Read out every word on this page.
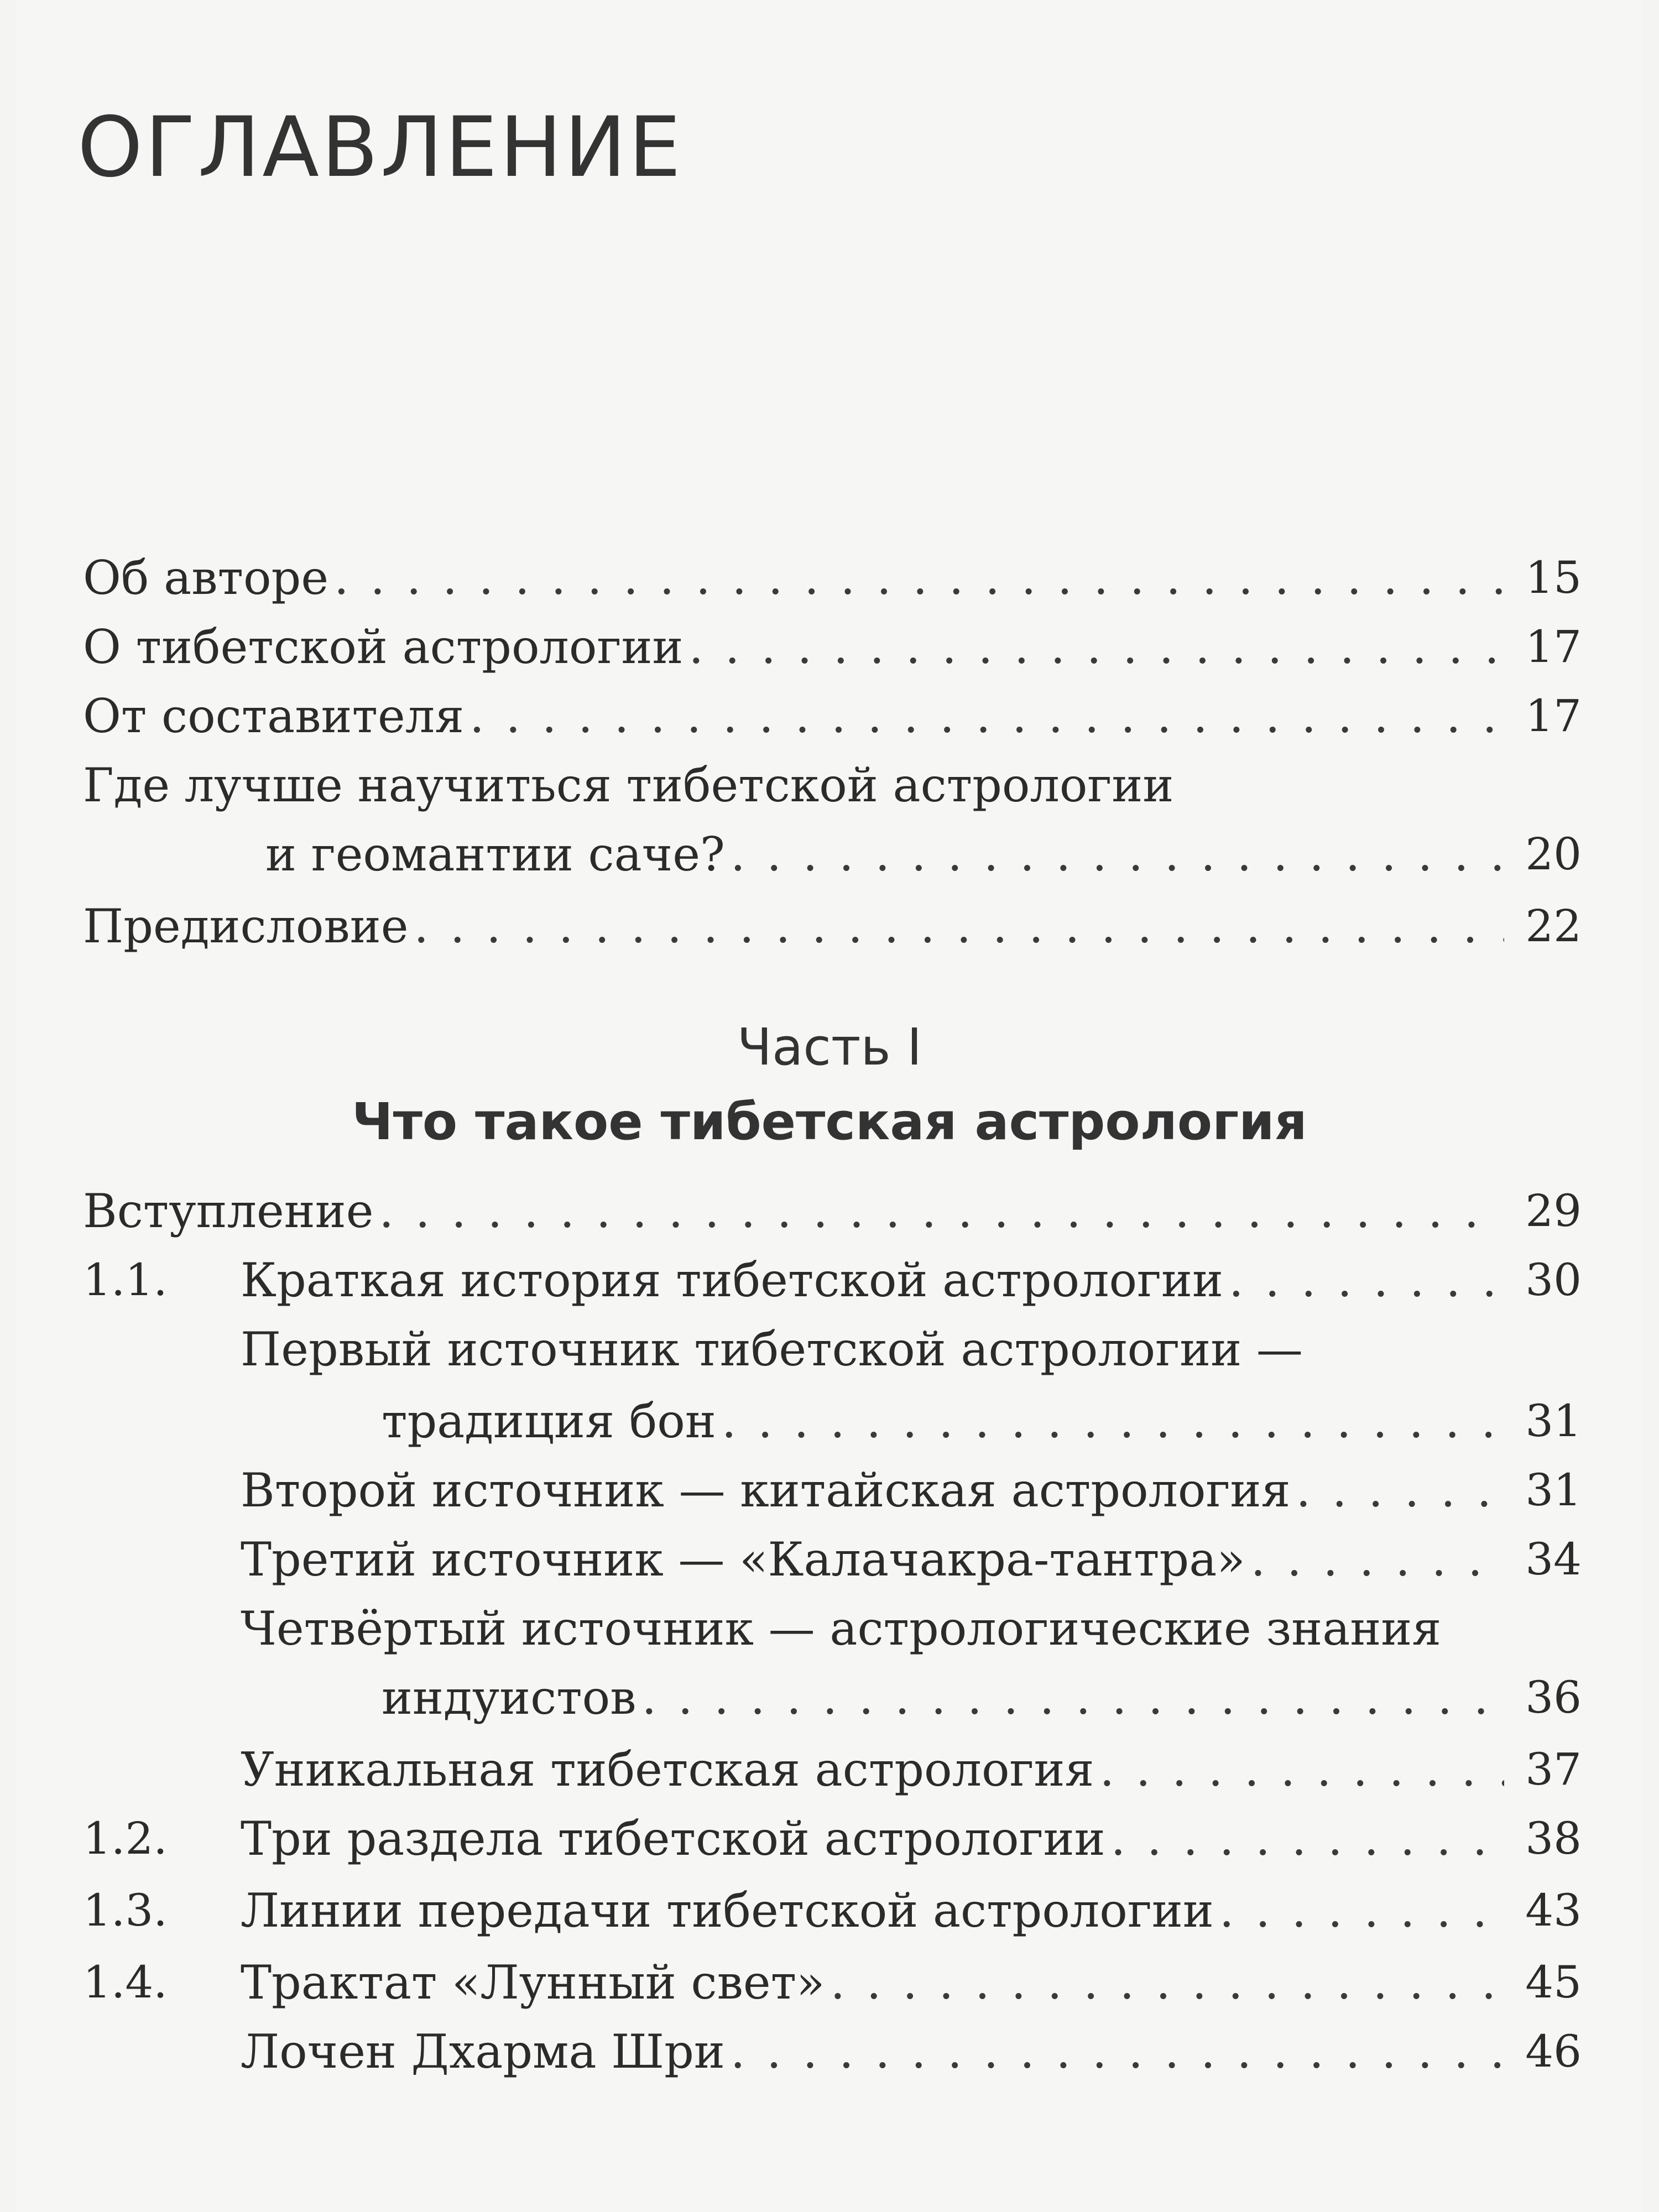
ОГЛАВЛЕНИЕ
Об авторе . . .	15
О тибетской астрологии . . .	17
От составителя . . .	17
Где лучше научиться тибетской астрологии
и геомантии саче? . . .	20
Предисловие . . .	22
Часть I
Что такое тибетская астрология
Вступление . . .	29
1.1. Краткая история тибетской астрологии . . .	30
Первый источник тибетской астрологии —
традиция бон . . .	31
Второй источник — китайская астрология . . .	31
Третий источник — «Калачакра-тантра» . . .	34
Четвёртый источник — астрологические знания
индуистов . . .	36
Уникальная тибетская астрология . . .	37
1.2. Три раздела тибетской астрологии . . .	38
1.3. Линии передачи тибетской астрологии . . .	43
1.4. Трактат «Лунный свет» . . .	45
Лочен Дхарма Шри . . .	46
